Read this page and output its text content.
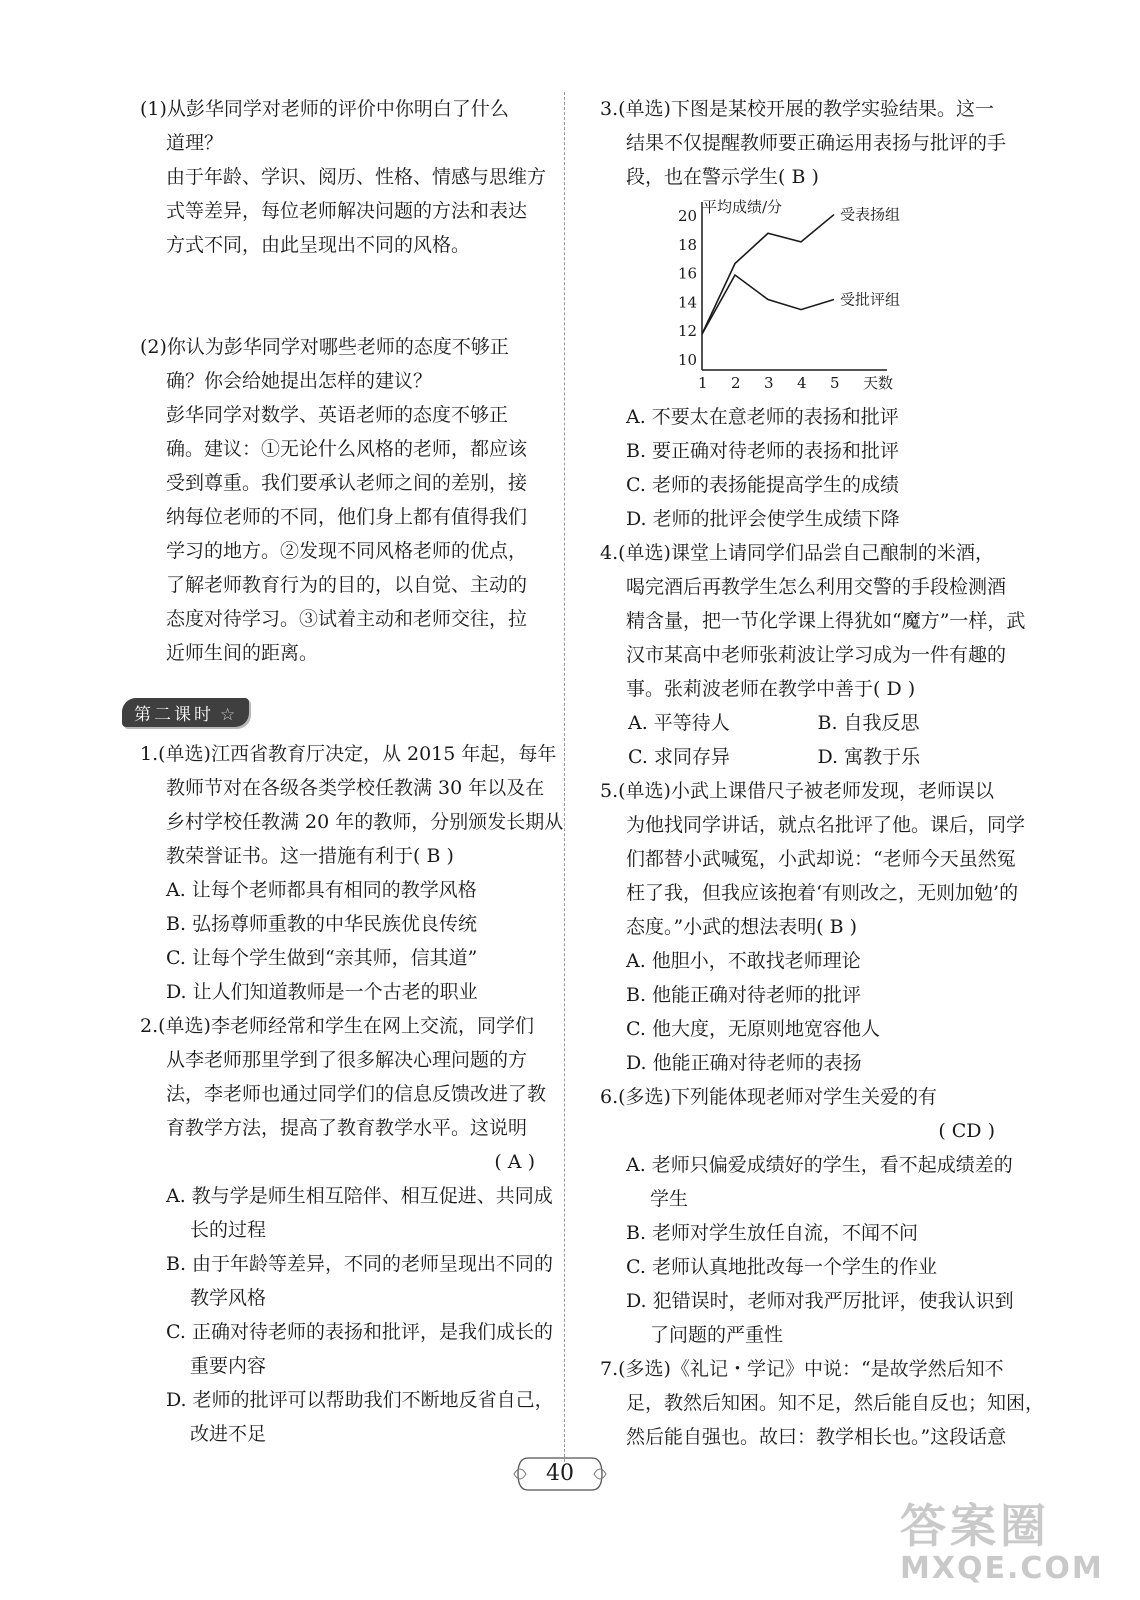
(1)从彭华同学对老师的评价中你明白了什么
道理？
由于年龄、学识、阅历、性格、情感与思维方
式等差异，每位老师解决问题的方法和表达
方式不同，由此呈现出不同的风格。
(2)你认为彭华同学对哪些老师的态度不够正
确？你会给她提出怎样的建议？
彭华同学对数学、英语老师的态度不够正
确。建议：①无论什么风格的老师，都应该
受到尊重。我们要承认老师之间的差别，接
纳每位老师的不同，他们身上都有值得我们
学习的地方。②发现不同风格老师的优点，
了解老师教育行为的目的，以自觉、主动的
态度对待学习。③试着主动和老师交往，拉
近师生间的距离。
第二课时 ☆
1.(单选)江西省教育厅决定，从 2015 年起，每年
教师节对在各级各类学校任教满 30 年以及在
乡村学校任教满 20 年的教师，分别颁发长期从
教荣誉证书。这一措施有利于( B )
A. 让每个老师都具有相同的教学风格
B. 弘扬尊师重教的中华民族优良传统
C. 让每个学生做到“亲其师，信其道”
D. 让人们知道教师是一个古老的职业
2.(单选)李老师经常和学生在网上交流，同学们
从李老师那里学到了很多解决心理问题的方
法，李老师也通过同学们的信息反馈改进了教
育教学方法，提高了教育教学水平。这说明
( A )
A. 教与学是师生相互陪伴、相互促进、共同成
长的过程
B. 由于年龄等差异，不同的老师呈现出不同的
教学风格
C. 正确对待老师的表扬和批评，是我们成长的
重要内容
D. 老师的批评可以帮助我们不断地反省自己，
改进不足
3.(单选)下图是某校开展的教学实验结果。这一
结果不仅提醒教师要正确运用表扬与批评的手
段，也在警示学生( B )
平均成绩/分
天数
10
12
14
16
18
20
1 2 3 4 5
受表扬组
受批评组
A. 不要太在意老师的表扬和批评
B. 要正确对待老师的表扬和批评
C. 老师的表扬能提高学生的成绩
D. 老师的批评会使学生成绩下降
4.(单选)课堂上请同学们品尝自己酿制的米酒，
喝完酒后再教学生怎么利用交警的手段检测酒
精含量，把一节化学课上得犹如“魔方”一样，武
汉市某高中老师张莉波让学习成为一件有趣的
事。张莉波老师在教学中善于( D )
A. 平等待人	B. 自我反思
C. 求同存异	D. 寓教于乐
5.(单选)小武上课借尺子被老师发现，老师误以
为他找同学讲话，就点名批评了他。课后，同学
们都替小武喊冤，小武却说：“老师今天虽然冤
枉了我，但我应该抱着‘有则改之，无则加勉’的
态度。”小武的想法表明( B )
A. 他胆小，不敢找老师理论
B. 他能正确对待老师的批评
C. 他大度，无原则地宽容他人
D. 他能正确对待老师的表扬
6.(多选)下列能体现老师对学生关爱的有
( CD )
A. 老师只偏爱成绩好的学生，看不起成绩差的
学生
B. 老师对学生放任自流，不闻不问
C. 老师认真地批改每一个学生的作业
D. 犯错误时，老师对我严厉批评，使我认识到
了问题的严重性
7.(多选)《礼记・学记》中说：“是故学然后知不
足，教然后知困。知不足，然后能自反也；知困，
然后能自强也。故曰：教学相长也。”这段话意
40
答案圈
MXQE.COM
